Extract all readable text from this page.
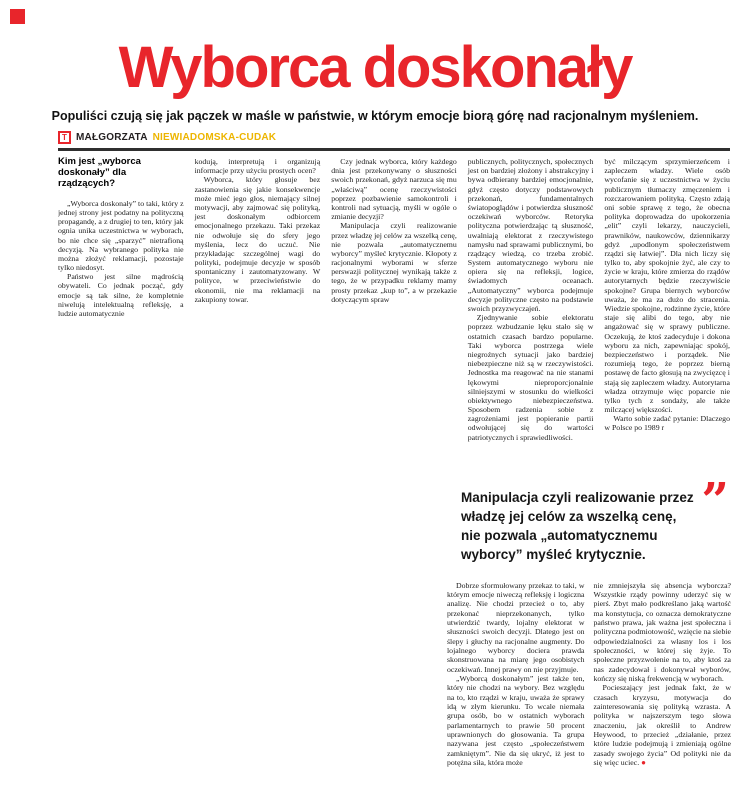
Wyborca doskonały

Populiści czują się jak pączek w maśle w państwie, w którym emocje biorą górę nad racjonalnym myśleniem.

T MAŁGORZATA NIEWIADOMSKA-CUDAK
Kim jest „wyborca doskonały” dla rządzących?

„Wyborca doskonały” to taki, który z jednej strony jest podatny na polityczną propagandę, a z drugiej to ten, który jak ognia unika uczestnictwa w wyborach, bo nie chce się „sparzyć” nietrafioną decyzją. Na wybranego polityka nie można złożyć reklamacji, pozostaje tylko niedosyt.

Państwo jest silne mądrością obywateli. Co jednak począć, gdy emocje są tak silne, że kompletnie niwelują intelektualną refleksję, a ludzie automatycznie

kodują, interpretują i organizują informacje przy użyciu prostych ocen?

Wyborca, który głosuje bez zastanowienia się jakie konsekwencje może mieć jego głos, niemający silnej motywacji, aby zajmować się polityką, jest doskonałym odbiorcem emocjonalnego przekazu. Taki przekaz nie odwołuje się do sfery jego myślenia, lecz do uczuć. Nie przykładając szczególnej wagi do polityki, podejmuje decyzje w sposób spontaniczny i zautomatyzowany. W polityce, w przeciwieństwie do ekonomii, nie ma reklamacji na zakupiony towar.

Czy jednak wyborca, który każdego dnia jest przekonywany o słuszności swoich przekonań, gdyż narzuca się mu „właściwą” ocenę rzeczywistości poprzez pozbawienie samokontroli i kontroli nad sytuacją, myśli w ogóle o zmianie decyzji?

Manipulacja czyli realizowanie przez władzę jej celów za wszelką cenę, nie pozwala „automatycznemu wyborcy” myśleć krytycznie. Kłopoty z racjonalnymi wyborami w sferze perswazji politycznej wynikają także z tego, że w przypadku reklamy mamy prosty przekaz „kup to”, a w przekazie dotyczącym spraw

publicznych, politycznych, społecznych jest on bardziej złożony i abstrakcyjny i bywa odbierany bardziej emocjonalnie, gdyż często dotyczy podstawowych przekonań, fundamentalnych światopoglądów i potwierdza słuszność oczekiwań wyborców. Retoryka polityczna potwierdzając tą słuszność, uwalniają elektorat z rzeczywistego namysłu nad sprawami publicznymi, bo rządzący wiedzą, co trzeba zrobić. System automatycznego wyboru nie opiera się na refleksji, logice, świadomych oceanach. „Automatyczny” wyborca podejmuje decyzje polityczne często na podstawie swoich przyzwyczajeń.

Zjednywanie sobie elektoratu poprzez wzbudzanie lęku stało się w ostatnich czasach bardzo popularne. Taki wyborca postrzega wiele niegroźnych sytuacji jako bardziej niebezpieczne niż są w rzeczywistości. Jednostka ma reagować na nie stanami lękowymi nieproporcjonalnie silniejszymi w stosunku do wielkości obiektywnego niebezpieczeństwa. Sposobem radzenia sobie z zagrożeniami jest popieranie partii odwołującej się do wartości patriotycznych i sprawiedliwości.

być milczącym sprzymierzeńcem i zapleczem władzy. Wiele osób wycofanie się z uczestnictwa w życiu publicznym tłumaczy zmęczeniem i rozczarowaniem polityką. Często zdają oni sobie sprawę z tego, że obecna polityka doprowadza do upokorzenia „elit” czyli lekarzy, nauczycieli, prawników, naukowców, dziennikarzy gdyż „upodlonym społeczeństwem rządzi się łatwiej”. Dla nich liczy się tylko to, aby spokojnie żyć, ale czy to życie w kraju, które zmierza do rządów autorytarnych będzie rzeczywiście spokojne? Grupa biernych wyborców uważa, że ma za dużo do stracenia. Wiedzie spokojne, rodzinne życie, które staje się alibi do tego, aby nie angażować się w sprawy publiczne. Oczekują, że ktoś zadecyduje i dokona wyboru za nich, zapewniając spokój, bezpieczeństwo i porządek. Nie rozumieją tego, że poprzez bierną postawę de facto głosują na zwycięzcę i stają się zapleczem władzy. Autorytarna władza otrzymuje więc poparcie nie tylko tych z sondaży, ale także milczącej większości.

Warto sobie zadać pytanie: Dlaczego w Polsce po 1989 r

”
Manipulacja czyli realizowanie przez władzę jej celów za wszelką cenę, nie pozwala „automatycznemu wyborcy” myśleć krytycznie.

Dobrze sformułowany przekaz to taki, w którym emocje niweczą refleksję i logiczna analizę. Nie chodzi przecież o to, aby przekonać nieprzekonanych, tylko utwierdzić twardy, lojalny elektorat w słuszności swoich decyzji. Dlatego jest on ślepy i głuchy na racjonalne augmenty. Do lojalnego wyborcy dociera prawda skonstruowana na miarę jego osobistych oczekiwań. Innej prawy on nie przyjmuje.

„Wyborcą doskonałym” jest także ten, który nie chodzi na wybory. Bez względu na to, kto rządzi w kraju, uważa że sprawy idą w złym kierunku. To wcale niemała grupa osób, bo w ostatnich wyborach parlamentarnych to prawie 50 procent uprawnionych do głosowania. Ta grupa nazywana jest często „społeczeństwem zamkniętym”. Nie da się ukryć, iż jest to potężna siła, która może

nie zmniejszyła się absencja wyborcza? Wszystkie rządy powinny uderzyć się w pierś. Zbyt mało podkreślano jaką wartość ma konstytucja, co oznacza demokratyczne państwo prawa, jak ważna jest społeczna i polityczna podmiotowość, wzięcie na siebie odpowiedzialności za własny los i los społeczności, w której się żyje. To społeczne przyzwolenie na to, aby ktoś za nas zadecydował i dokonywał wyborów, kończy się niską frekwencją w wyborach.

Pocieszający jest jednak fakt, że w czasach kryzysu, motywacja do zainteresowania się polityką wzrasta. A polityka w najszerszym tego słowa znaczeniu, jak określił to Andrew Heywood, to przecież „działanie, przez które ludzie podejmują i zmieniają ogólne zasady swojego życia” Od polityki nie da się więc uciec. ●
